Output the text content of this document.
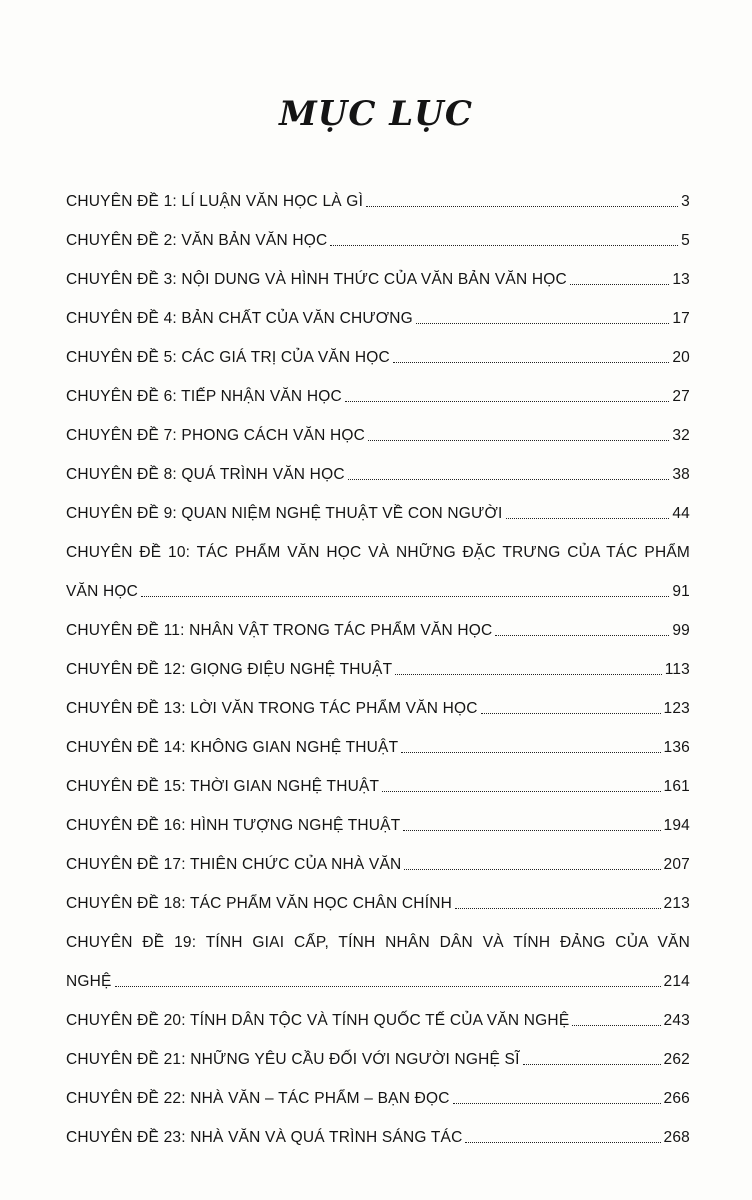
MỤC LỤC
CHUYÊN ĐỀ 1: LÍ LUẬN VĂN HỌC LÀ GÌ	3
CHUYÊN ĐỀ 2: VĂN BẢN VĂN HỌC	5
CHUYÊN ĐỀ 3: NỘI DUNG VÀ HÌNH THỨC CỦA VĂN BẢN VĂN HỌC	13
CHUYÊN ĐỀ 4: BẢN CHẤT CỦA VĂN CHƯƠNG	17
CHUYÊN ĐỀ 5: CÁC GIÁ TRỊ CỦA VĂN HỌC	20
CHUYÊN ĐỀ 6: TIẾP NHẬN VĂN HỌC	27
CHUYÊN ĐỀ 7: PHONG CÁCH VĂN HỌC	32
CHUYÊN ĐỀ 8: QUÁ TRÌNH VĂN HỌC	38
CHUYÊN ĐỀ 9: QUAN NIỆM NGHỆ THUẬT VỀ CON NGƯỜI	44
CHUYÊN ĐỀ 10: TÁC PHẨM VĂN HỌC VÀ NHỮNG ĐẶC TRƯNG CỦA TÁC PHẨM
VĂN HỌC	91
CHUYÊN ĐỀ 11: NHÂN VẬT TRONG TÁC PHẨM VĂN HỌC	99
CHUYÊN ĐỀ 12: GIỌNG ĐIỆU NGHỆ THUẬT	113
CHUYÊN ĐỀ 13: LỜI VĂN TRONG TÁC PHẨM VĂN HỌC	123
CHUYÊN ĐỀ 14: KHÔNG GIAN NGHỆ THUẬT	136
CHUYÊN ĐỀ 15: THỜI GIAN NGHỆ THUẬT	161
CHUYÊN ĐỀ 16: HÌNH TƯỢNG NGHỆ THUẬT	194
CHUYÊN ĐỀ 17: THIÊN CHỨC CỦA NHÀ VĂN	207
CHUYÊN ĐỀ 18: TÁC PHẨM VĂN HỌC CHÂN CHÍNH	213
CHUYÊN ĐỀ 19: TÍNH GIAI CẤP, TÍNH NHÂN DÂN VÀ TÍNH ĐẢNG CỦA VĂN
NGHỆ	214
CHUYÊN ĐỀ 20: TÍNH DÂN TỘC VÀ TÍNH QUỐC TẾ CỦA VĂN NGHỆ	243
CHUYÊN ĐỀ 21: NHỮNG YÊU CẦU ĐỐI VỚI NGƯỜI NGHỆ SĨ	262
CHUYÊN ĐỀ 22: NHÀ VĂN – TÁC PHẨM – BẠN ĐỌC	266
CHUYÊN ĐỀ 23: NHÀ VĂN VÀ QUÁ TRÌNH SÁNG TÁC	268
